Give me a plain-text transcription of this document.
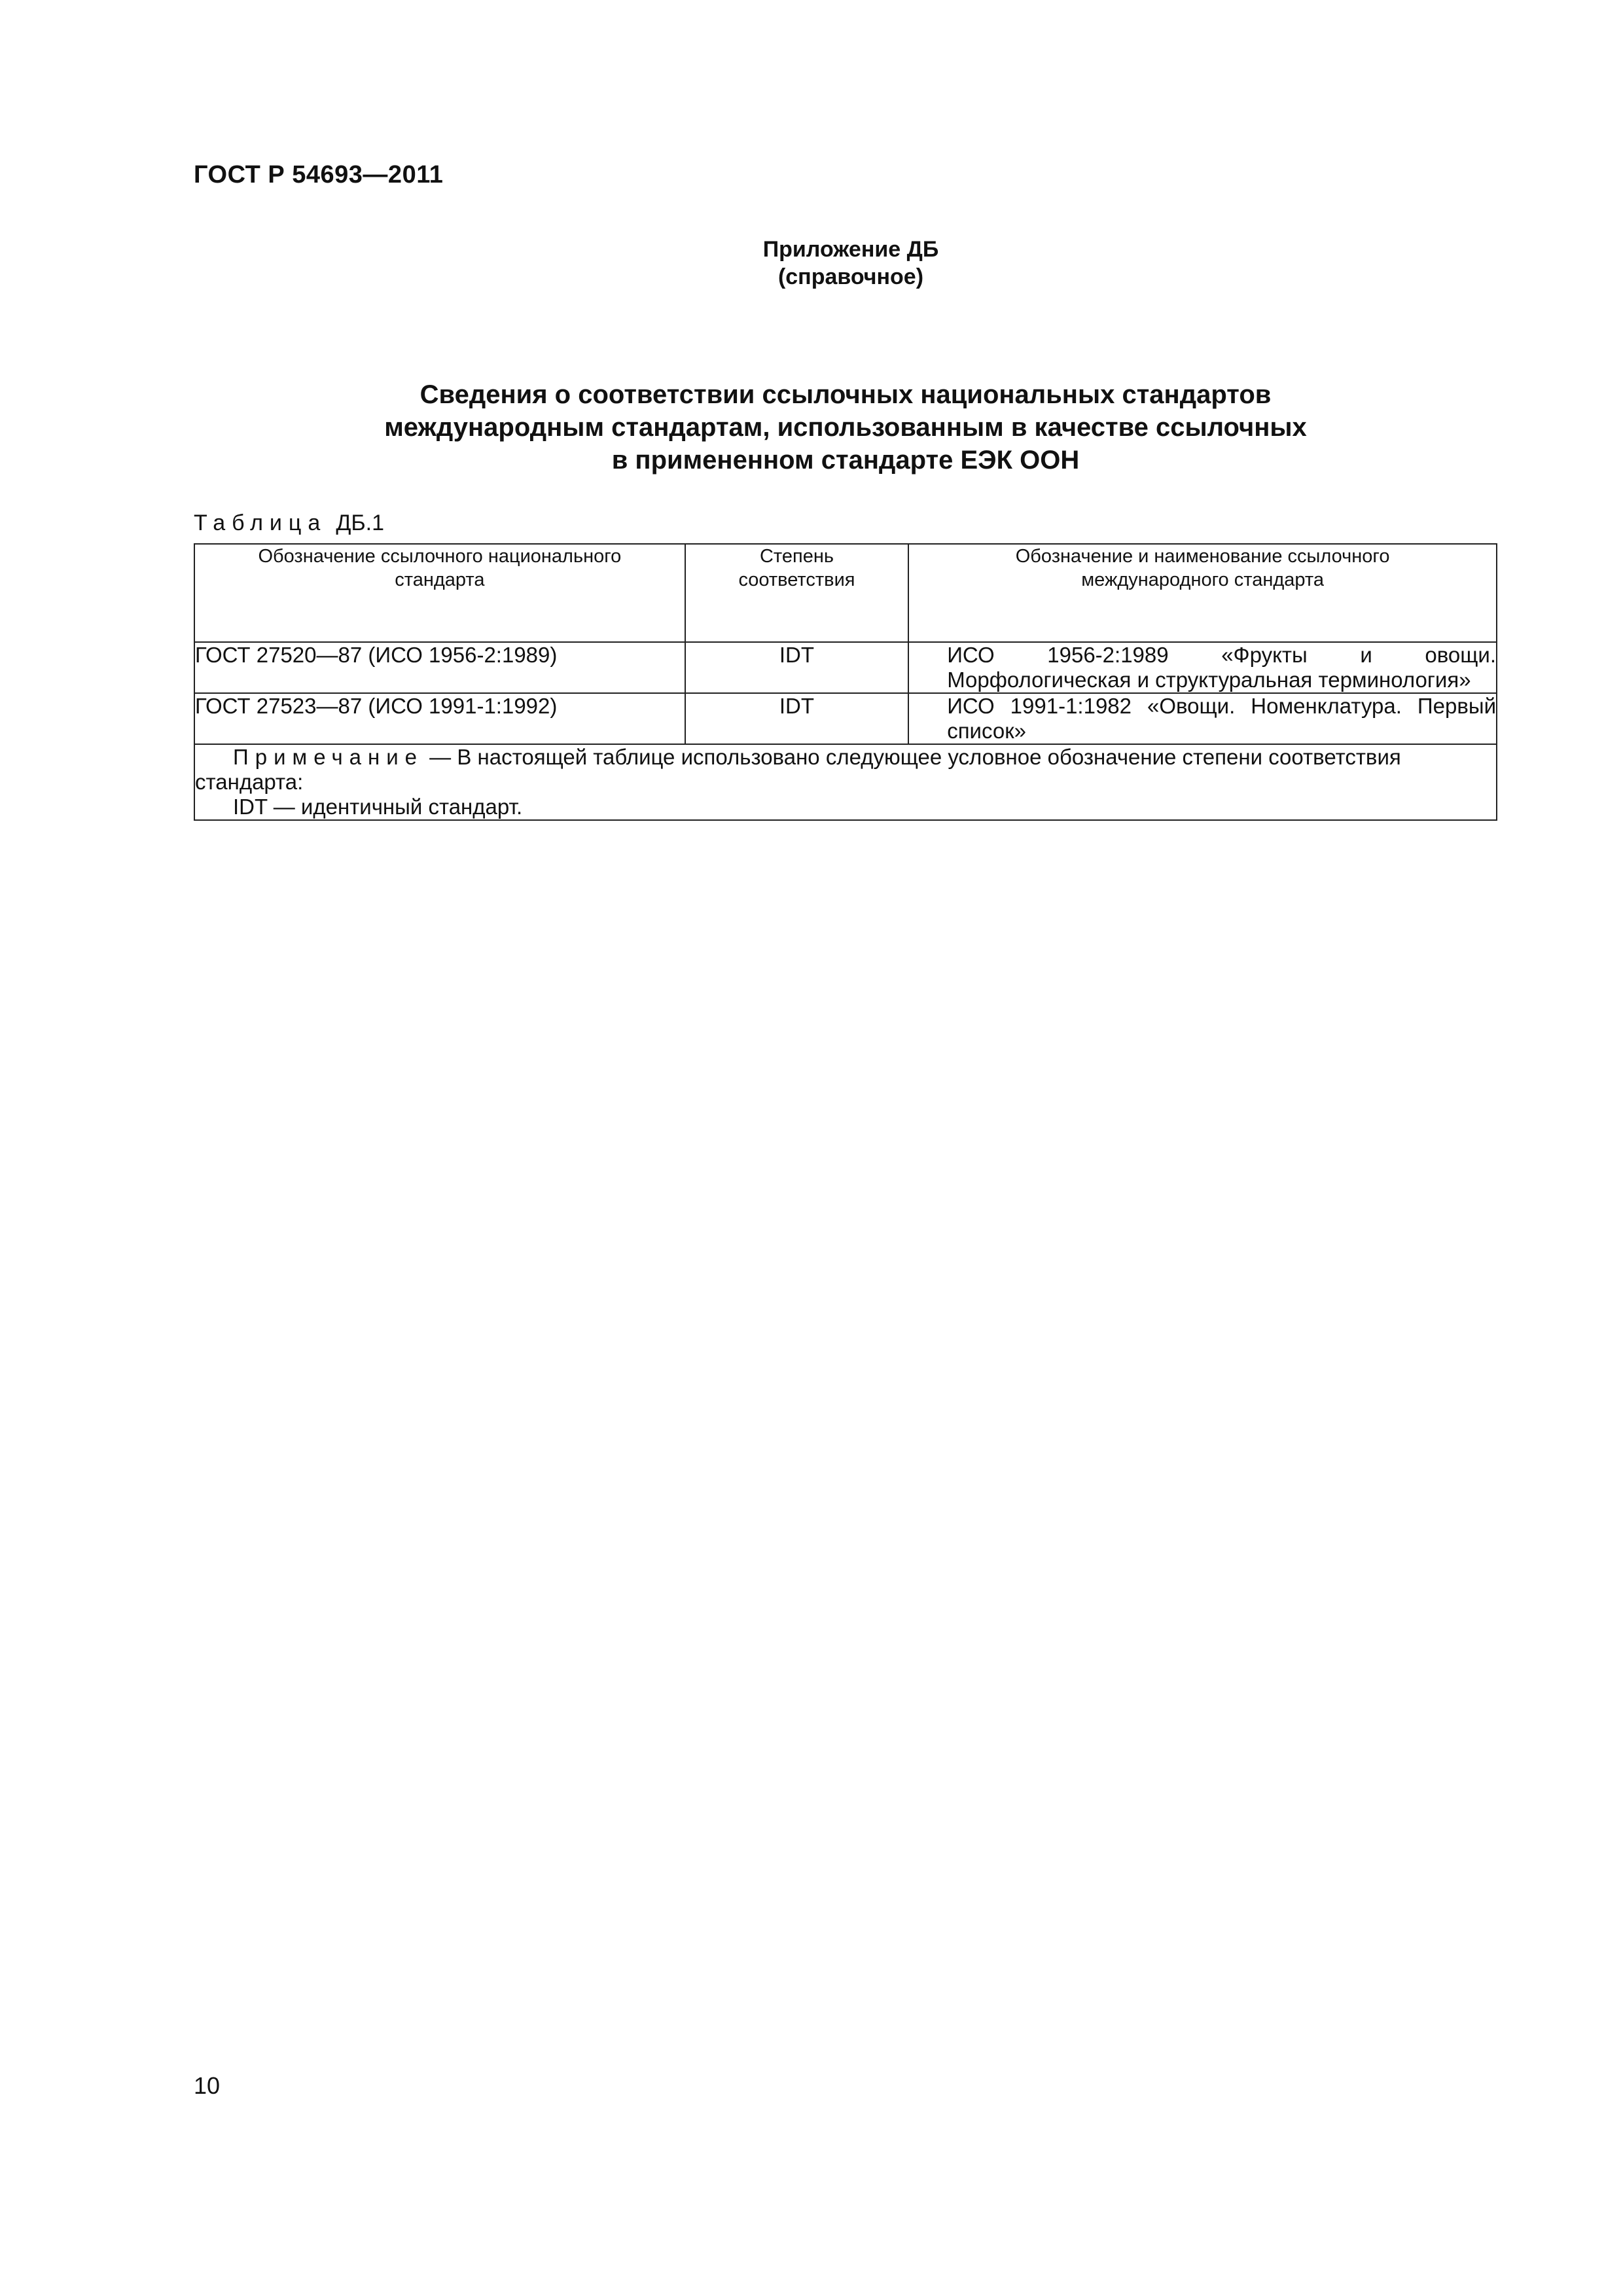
ГОСТ Р 54693—2011
Приложение ДБ
(справочное)
Сведения о соответствии ссылочных национальных стандартов
международным стандартам, использованным в качестве ссылочных
в примененном стандарте ЕЭК ООН
Таблица ДБ.1
Обозначение ссылочного национального стандарта	Степень соответствия	Обозначение и наименование ссылочного международного стандарта

ГОСТ 27520—87 (ИСО 1956-2:1989)	IDT	ИСО 1956-2:1989 «Фрукты и овощи. Морфологическая и структуральная терминология»

ГОСТ 27523—87 (ИСО 1991-1:1992)	IDT	ИСО 1991-1:1982 «Овощи. Номенклатура. Первый список»

Примечание — В настоящей таблице использовано следующее условное обозначение степени соответствия стандарта:
IDT — идентичный стандарт.		
10
